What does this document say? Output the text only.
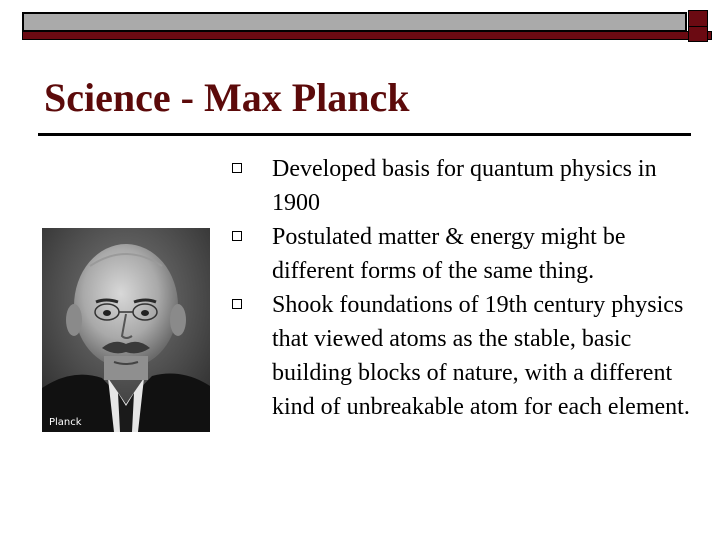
Science - Max Planck
Planck
Developed basis for quantum physics in 1900
Postulated matter & energy might be different forms of the same thing.
Shook foundations of 19th century physics that viewed atoms as the stable, basic building blocks of nature, with a different kind of unbreakable atom for each element.
